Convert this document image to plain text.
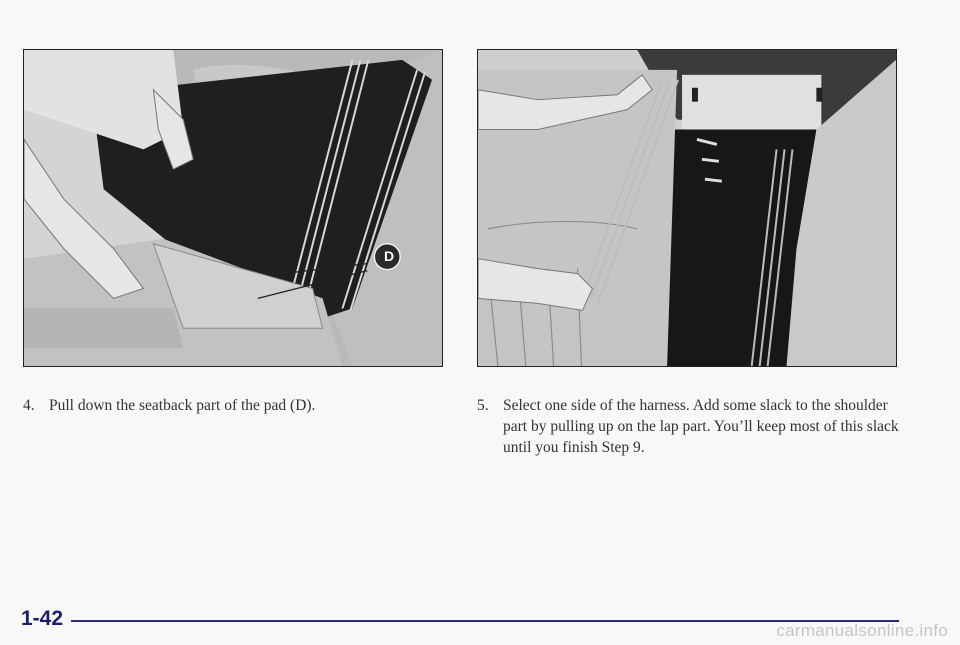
D
4. Pull down the seatback part of the pad (D).	5. Select one side of the harness. Add some slack to the shoulder part by pulling up on the lap part. You’ll keep most of this slack until you finish Step 9.
1-42
carmanualsonline.info
